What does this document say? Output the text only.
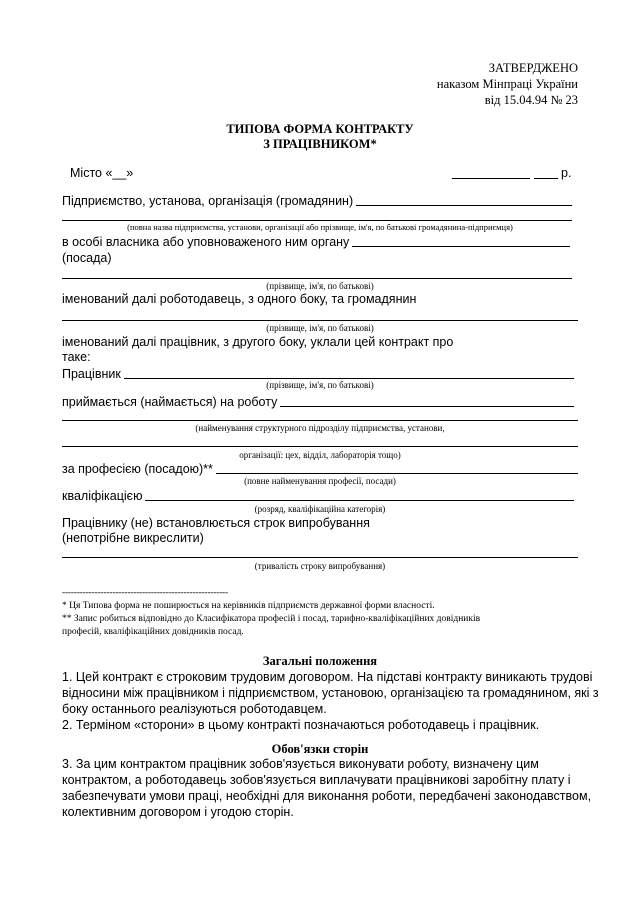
ЗАТВЕРДЖЕНО
наказом Мінпраці України
від 15.04.94 № 23
ТИПОВА ФОРМА КОНТРАКТУ
З ПРАЦІВНИКОМ*
Місто «__»	р.
Підприємство, установа, організація (громадянин)
(повна назва підприємства, установи, організації або прізвище, ім'я, по батькові громадянина-підприємця)
в особі власника або уповноваженого ним органу
(посада)
(прізвище, ім'я, по батькові)
іменований далі роботодавець, з одного боку, та громадянин
(прізвище, ім'я, по батькові)
іменований далі працівник, з другого боку, уклали цей контракт про
таке:
Працівник
(прізвище, ім'я, по батькові)
приймається (наймається) на роботу
(найменування структурного підрозділу підприємства, установи,
організації: цех, відділ, лабораторія тощо)
за професією (посадою)**
(повне найменування професії, посади)
кваліфікацією
(розряд, кваліфікаційна категорія)
Працівнику (не) встановлюється строк випробування
(непотрібне викреслити)
(тривалість строку випробування)
--------------------------------------------------------
* Ця Типова форма не поширюється на керівників підприємств державної форми власності.
** Запис робиться відповідно до Класифікатора професій і посад, тарифно-кваліфікаційних довідників
професій, кваліфікаційних довідників посад.
Загальні положення
1. Цей контракт є строковим трудовим договором. На підставі контракту виникають трудові
відносини між працівником і підприємством, установою, організацією та громадянином, які з
боку останнього реалізуються роботодавцем.
2. Терміном «сторони» в цьому контракті позначаються роботодавець і працівник.
Обов'язки сторін
3. За цим контрактом працівник зобов'язується виконувати роботу, визначену цим
контрактом, а роботодавець зобов'язується виплачувати працівникові заробітну плату і
забезпечувати умови праці, необхідні для виконання роботи, передбачені законодавством,
колективним договором і угодою сторін.
